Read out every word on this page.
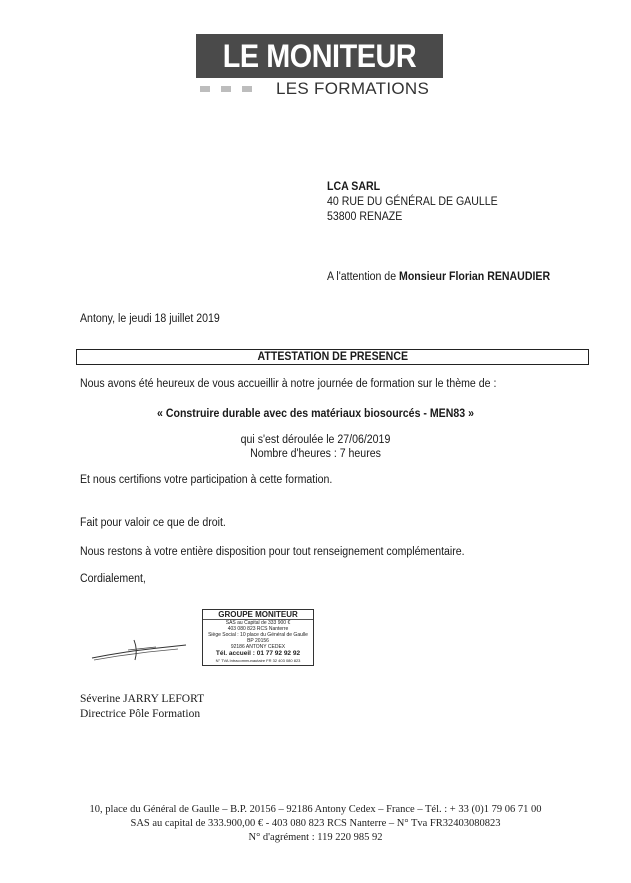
LE MONITEUR
LES FORMATIONS
LCA SARL
40 RUE DU GÉNÉRAL DE GAULLE
53800 RENAZE
A l'attention de Monsieur Florian RENAUDIER
Antony, le jeudi 18 juillet 2019
ATTESTATION DE PRESENCE
Nous avons été heureux de vous accueillir à notre journée de formation sur le thème de :
« Construire durable avec des matériaux biosourcés - MEN83 »
qui s'est déroulée le 27/06/2019
Nombre d'heures : 7 heures
Et nous certifions votre participation à cette formation.
Fait pour valoir ce que de droit.
Nous restons à votre entière disposition pour tout renseignement complémentaire.
Cordialement,
GROUPE MONITEUR
SAS au Capital de 333 900 €
403 080 823 RCS Nanterre
Siège Social : 10 place du Général de Gaulle
BP 20156
92186 ANTONY CEDEX
Tél. accueil : 01 77 92 92 92
N° TVA Intracommunautaire FR 32 403 080 823
Séverine JARRY LEFORT
Directrice Pôle Formation
10, place du Général de Gaulle – B.P. 20156 – 92186 Antony Cedex – France – Tél. : + 33 (0)1 79 06 71 00
SAS au capital de 333.900,00 € - 403 080 823 RCS Nanterre – N° Tva FR32403080823
N° d'agrément : 119 220 985 92
